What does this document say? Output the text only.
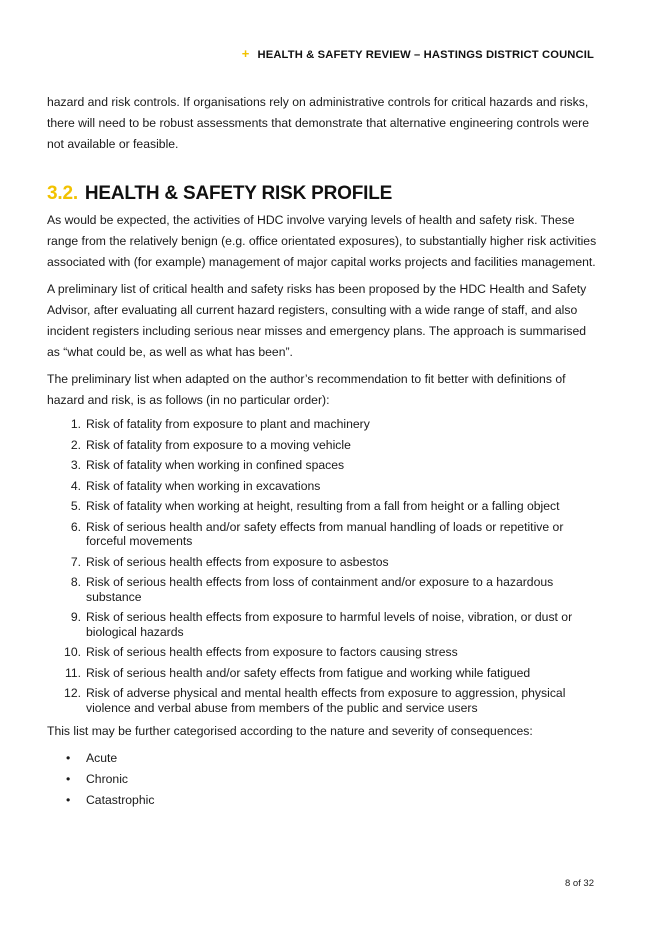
+ HEALTH & SAFETY REVIEW – HASTINGS DISTRICT COUNCIL

hazard and risk controls. If organisations rely on administrative controls for critical hazards and risks, there will need to be robust assessments that demonstrate that alternative engineering controls were not available or feasible.

3.2. HEALTH & SAFETY RISK PROFILE

As would be expected, the activities of HDC involve varying levels of health and safety risk. These range from the relatively benign (e.g. office orientated exposures), to substantially higher risk activities associated with (for example) management of major capital works projects and facilities management.

A preliminary list of critical health and safety risks has been proposed by the HDC Health and Safety Advisor, after evaluating all current hazard registers, consulting with a wide range of staff, and also incident registers including serious near misses and emergency plans. The approach is summarised as “what could be, as well as what has been”.

The preliminary list when adapted on the author’s recommendation to fit better with definitions of hazard and risk, is as follows (in no particular order):

1. Risk of fatality from exposure to plant and machinery
2. Risk of fatality from exposure to a moving vehicle
3. Risk of fatality when working in confined spaces
4. Risk of fatality when working in excavations
5. Risk of fatality when working at height, resulting from a fall from height or a falling object
6. Risk of serious health and/or safety effects from manual handling of loads or repetitive or forceful movements
7. Risk of serious health effects from exposure to asbestos
8. Risk of serious health effects from loss of containment and/or exposure to a hazardous substance
9. Risk of serious health effects from exposure to harmful levels of noise, vibration, or dust or biological hazards
10. Risk of serious health effects from exposure to factors causing stress
11. Risk of serious health and/or safety effects from fatigue and working while fatigued
12. Risk of adverse physical and mental health effects from exposure to aggression, physical violence and verbal abuse from members of the public and service users

This list may be further categorised according to the nature and severity of consequences:

• Acute
• Chronic
• Catastrophic
8 of 32
